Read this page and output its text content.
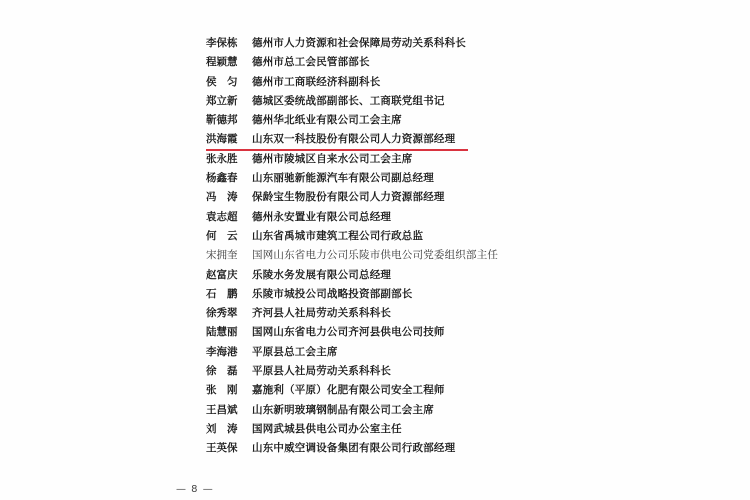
李保栋	德州市人力资源和社会保障局劳动关系科科长
程颖慧	德州市总工会民管部部长
侯　匀	德州市工商联经济科副科长
郑立新	德城区委统战部副部长、工商联党组书记
靳德邦	德州华北纸业有限公司工会主席
洪海霞	山东双一科技股份有限公司人力资源部经理
张永胜	德州市陵城区自来水公司工会主席
杨鑫春	山东丽驰新能源汽车有限公司副总经理
冯　涛	保龄宝生物股份有限公司人力资源部经理
袁志超	德州永安置业有限公司总经理
何　云	山东省禹城市建筑工程公司行政总监
宋拥奎	国网山东省电力公司乐陵市供电公司党委组织部主任
赵富庆	乐陵水务发展有限公司总经理
石　鹏	乐陵市城投公司战略投资部副部长
徐秀翠	齐河县人社局劳动关系科科长
陆慧丽	国网山东省电力公司齐河县供电公司技师
李海港	平原县总工会主席
徐　磊	平原县人社局劳动关系科科长
张　刚	嘉施利（平原）化肥有限公司安全工程师
王昌斌	山东新明玻璃钢制品有限公司工会主席
刘　涛	国网武城县供电公司办公室主任
王英保	山东中威空调设备集团有限公司行政部经理
— 8 —
